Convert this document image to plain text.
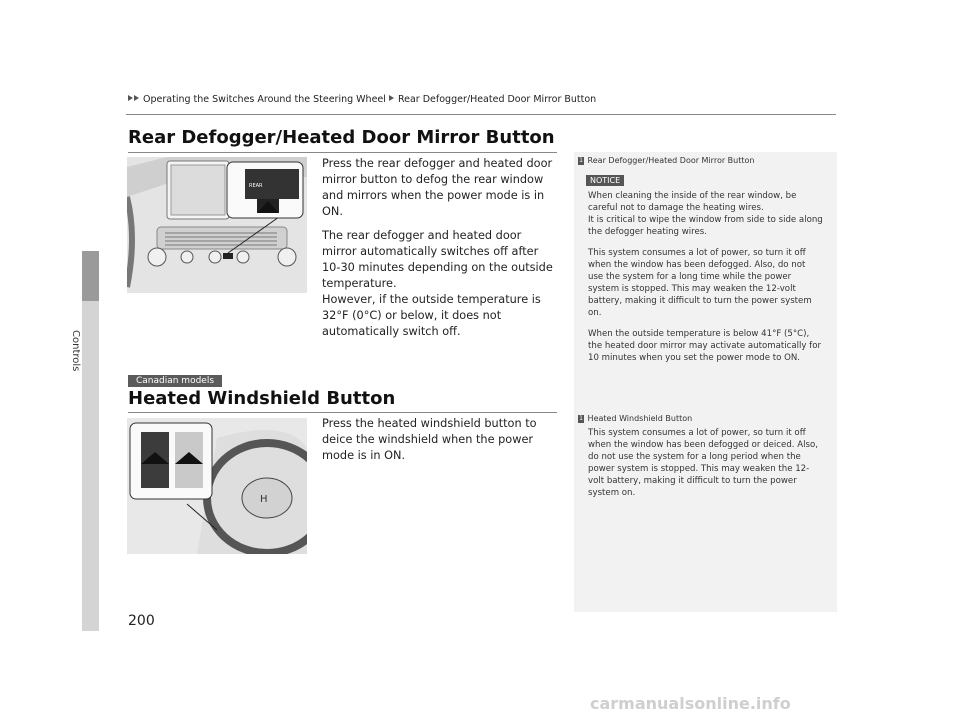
Controls
Operating the Switches Around the Steering Wheel Rear Defogger/Heated Door Mirror Button
Rear Defogger/Heated Door Mirror Button
REAR

Press the rear defogger and heated door mirror button to defog the rear window and mirrors when the power mode is in ON.

The rear defogger and heated door mirror automatically switches off after 10-30 minutes depending on the outside temperature.

However, if the outside temperature is 32°F (0°C) or below, it does not automatically switch off.

Canadian models
Heated Windshield Button
H

Press the heated windshield button to deice the windshield when the power mode is in ON.

1 Rear Defogger/Heated Door Mirror Button
NOTICE

When cleaning the inside of the rear window, be careful not to damage the heating wires.

It is critical to wipe the window from side to side along the defogger heating wires.

This system consumes a lot of power, so turn it off when the window has been defogged. Also, do not use the system for a long time while the power system is stopped. This may weaken the 12-volt battery, making it difficult to turn the power system on.

When the outside temperature is below 41°F (5°C), the heated door mirror may activate automatically for 10 minutes when you set the power mode to ON.

1 Heated Windshield Button

This system consumes a lot of power, so turn it off when the window has been defogged or deiced. Also, do not use the system for a long period when the power system is stopped. This may weaken the 12-volt battery, making it difficult to turn the power system on.

200
carmanualsonline.info
